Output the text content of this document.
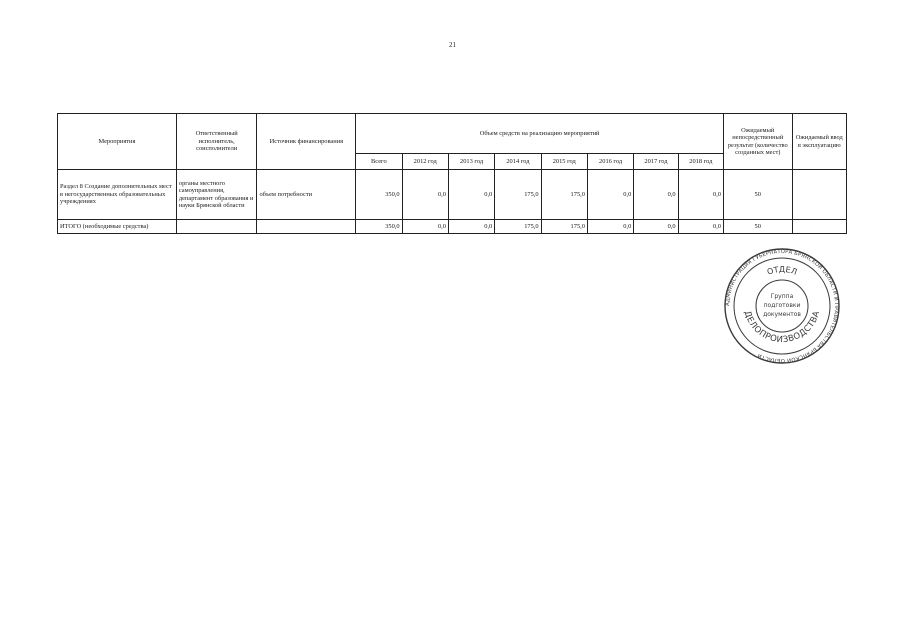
21
Мероприятия	Ответственный исполнитель, соисполнители	Источник финансирования	Объем средств на реализацию мероприятий								Ожидаемый непосредственный результат (количество созданных мест)	Ожидаемый ввод в эксплуатацию
			Всего	2012 год	2013 год	2014 год	2015 год	2016 год	2017 год	2018 год		
Раздел 8 Создание дополнительных мест в негосударственных образовательных учреждениях	органы местного самоуправления, департамент образования и науки Брянской области	объем потребности	350,0	0,0	0,0	175,0	175,0	0,0	0,0	0,0	50	
ИТОГО (необходимые средства)			350,0	0,0	0,0	175,0	175,0	0,0	0,0	0,0	50	
АДМИНИСТРАЦИЯ ГУБЕРНАТОРА БРЯНСКОЙ ОБЛАСТИ И ПРАВИТЕЛЬСТВА БРЯНСКОЙ ОБЛАСТИ
ОТДЕЛ
ДЕЛОПРОИЗВОДСТВА
Группа
подготовки
документов
